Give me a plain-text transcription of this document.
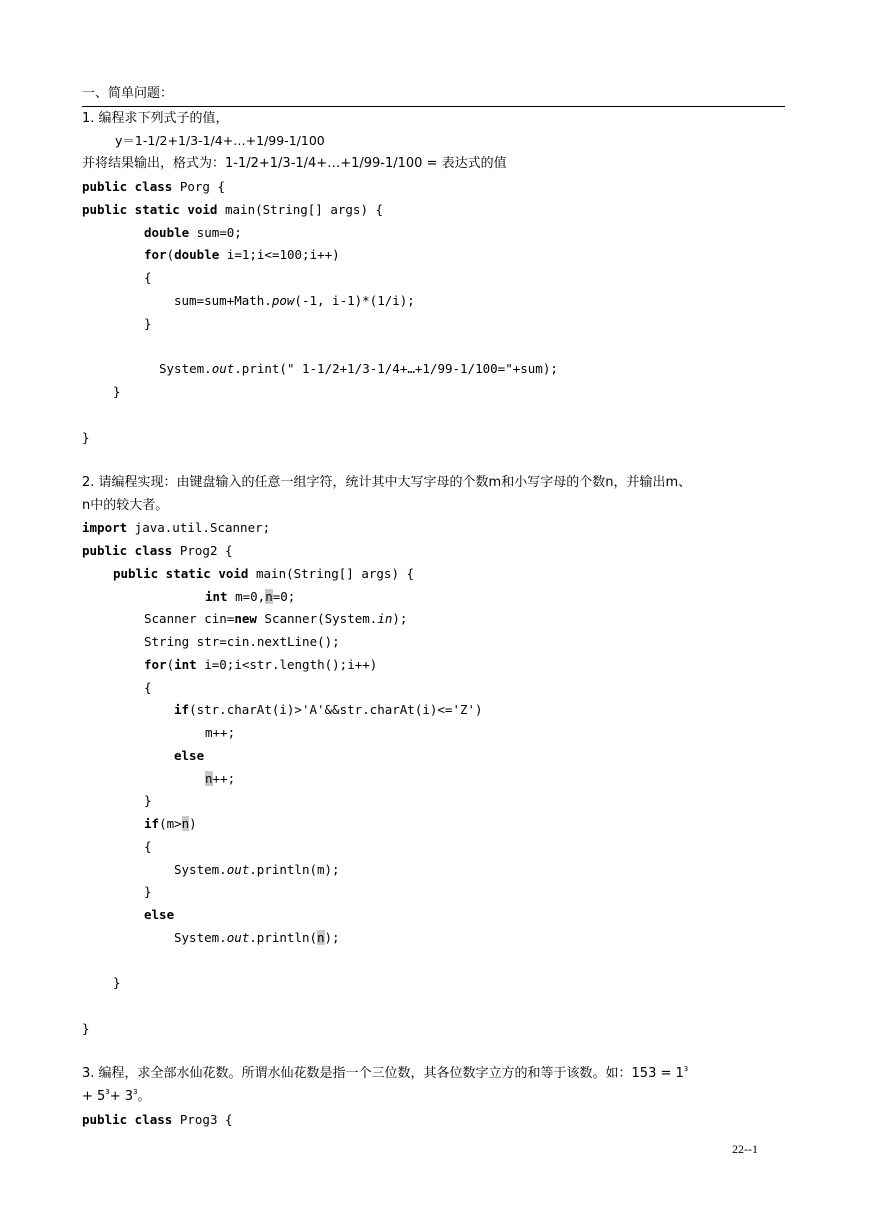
一、简单问题：
1. 编程求下列式子的值，
y＝1-1/2+1/3-1/4+…+1/99-1/100
并将结果输出，格式为：1-1/2+1/3-1/4+…+1/99-1/100 = 表达式的值
public class Porg {
public static void main(String[] args) {
double sum=0;
for(double i=1;i<=100;i++)
{
sum=sum+Math.pow(-1, i-1)*(1/i);
}
System.out.print(" 1-1/2+1/3-1/4+…+1/99-1/100="+sum);
}
}
2. 请编程实现：由键盘输入的任意一组字符，统计其中大写字母的个数m和小写字母的个数n，并输出m、
n中的较大者。
import java.util.Scanner;
public class Prog2 {
public static void main(String[] args) {
int m=0,n=0;
Scanner cin=new Scanner(System.in);
String str=cin.nextLine();
for(int i=0;i<str.length();i++)
{
if(str.charAt(i)>'A'&&str.charAt(i)<='Z')
m++;
else
n++;
}
if(m>n)
{
System.out.println(m);
}
else
System.out.println(n);
}
}
3. 编程，求全部水仙花数。所谓水仙花数是指一个三位数，其各位数字立方的和等于该数。如：$153 = 1^3$
+ $5^3+ 3^3$。
public class Prog3 {
22--1
